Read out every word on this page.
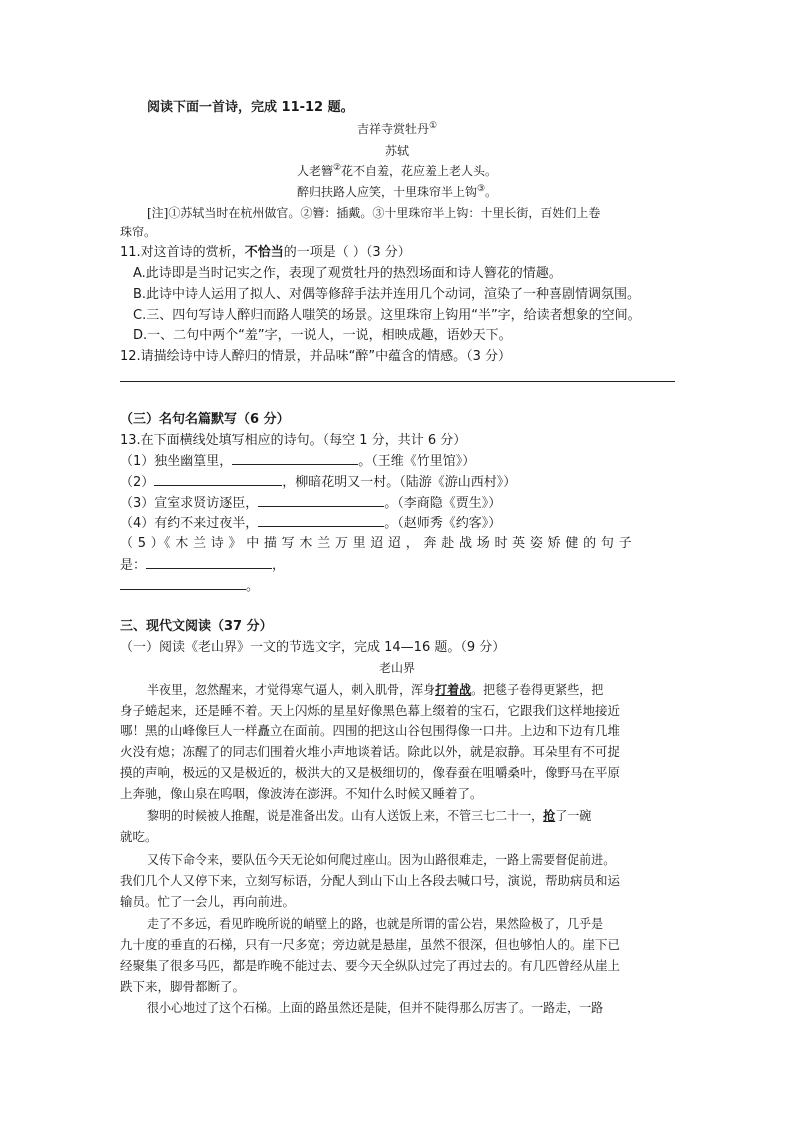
阅读下面一首诗，完成 11-12 题。
吉祥寺赏牡丹①
苏轼
人老簪②花不自羞，花应羞上老人头。
醉归扶路人应笑，十里珠帘半上钩③。
[注]①苏轼当时在杭州做官。②簪：插戴。③十里珠帘半上钩：十里长街，百姓们上卷
珠帘。
11.对这首诗的赏析，不恰当的一项是（ ）（3 分）
A.此诗即是当时记实之作，表现了观赏牡丹的热烈场面和诗人簪花的情趣。
B.此诗中诗人运用了拟人、对偶等修辞手法并连用几个动词，渲染了一种喜剧情调氛围。
C.三、四句写诗人醉归而路人嗤笑的场景。这里珠帘上钩用“半”字，给读者想象的空间。
D.一、二句中两个“羞”字，一说人，一说，相映成趣，语妙天下。
12.请描绘诗中诗人醉归的情景，并品味“醉”中蕴含的情感。（3 分）
（三）名句名篇默写（6 分）
13.在下面横线处填写相应的诗句。（每空 1 分，共计 6 分）
（1）独坐幽篁里，	。（王维《竹里馆》）
（2）	，柳暗花明又一村。（陆游《游山西村》）
（3）宣室求贤访逐臣，	。（李商隐《贾生》）
（4）有约不来过夜半，	。（赵师秀《约客》）
（ 5 ）《 木 兰 诗 》 中 描 写 木 兰 万 里 迢 迢 ， 奔 赴 战 场 时 英 姿 矫 健 的 句 子
是：	，
。
三、现代文阅读（37 分）
（一）阅读《老山界》一文的节选文字，完成 14—16 题。（9 分）
老山界
半夜里，忽然醒来，才觉得寒气逼人，刺入肌骨，浑身打着战。把毯子卷得更紧些，把
身子蜷起来，还是睡不着。天上闪烁的星星好像黑色幕上缀着的宝石，它跟我们这样地接近
哪！黑的山峰像巨人一样矗立在面前。四围的把这山谷包围得像一口井。上边和下边有几堆
火没有熄；冻醒了的同志们围着火堆小声地谈着话。除此以外，就是寂静。耳朵里有不可捉
摸的声响，极远的又是极近的，极洪大的又是极细切的，像春蚕在咀嚼桑叶，像野马在平原
上奔驰，像山泉在呜咽，像波涛在澎湃。不知什么时候又睡着了。
黎明的时候被人推醒，说是准备出发。山有人送饭上来，不管三七二十一，抢了一碗
就吃。
又传下命令来，要队伍今天无论如何爬过座山。因为山路很难走，一路上需要督促前进。
我们几个人又停下来，立刻写标语，分配人到山下山上各段去喊口号，演说，帮助病员和运
输员。忙了一会儿，再向前进。
走了不多远，看见昨晚所说的峭壁上的路，也就是所谓的雷公岩，果然险极了，几乎是
九十度的垂直的石梯，只有一尺多宽；旁边就是悬崖，虽然不很深，但也够怕人的。崖下已
经聚集了很多马匹，都是昨晚不能过去、要今天全纵队过完了再过去的。有几匹曾经从崖上
跌下来，脚骨都断了。
很小心地过了这个石梯。上面的路虽然还是陡，但并不陡得那么厉害了。一路走，一路
